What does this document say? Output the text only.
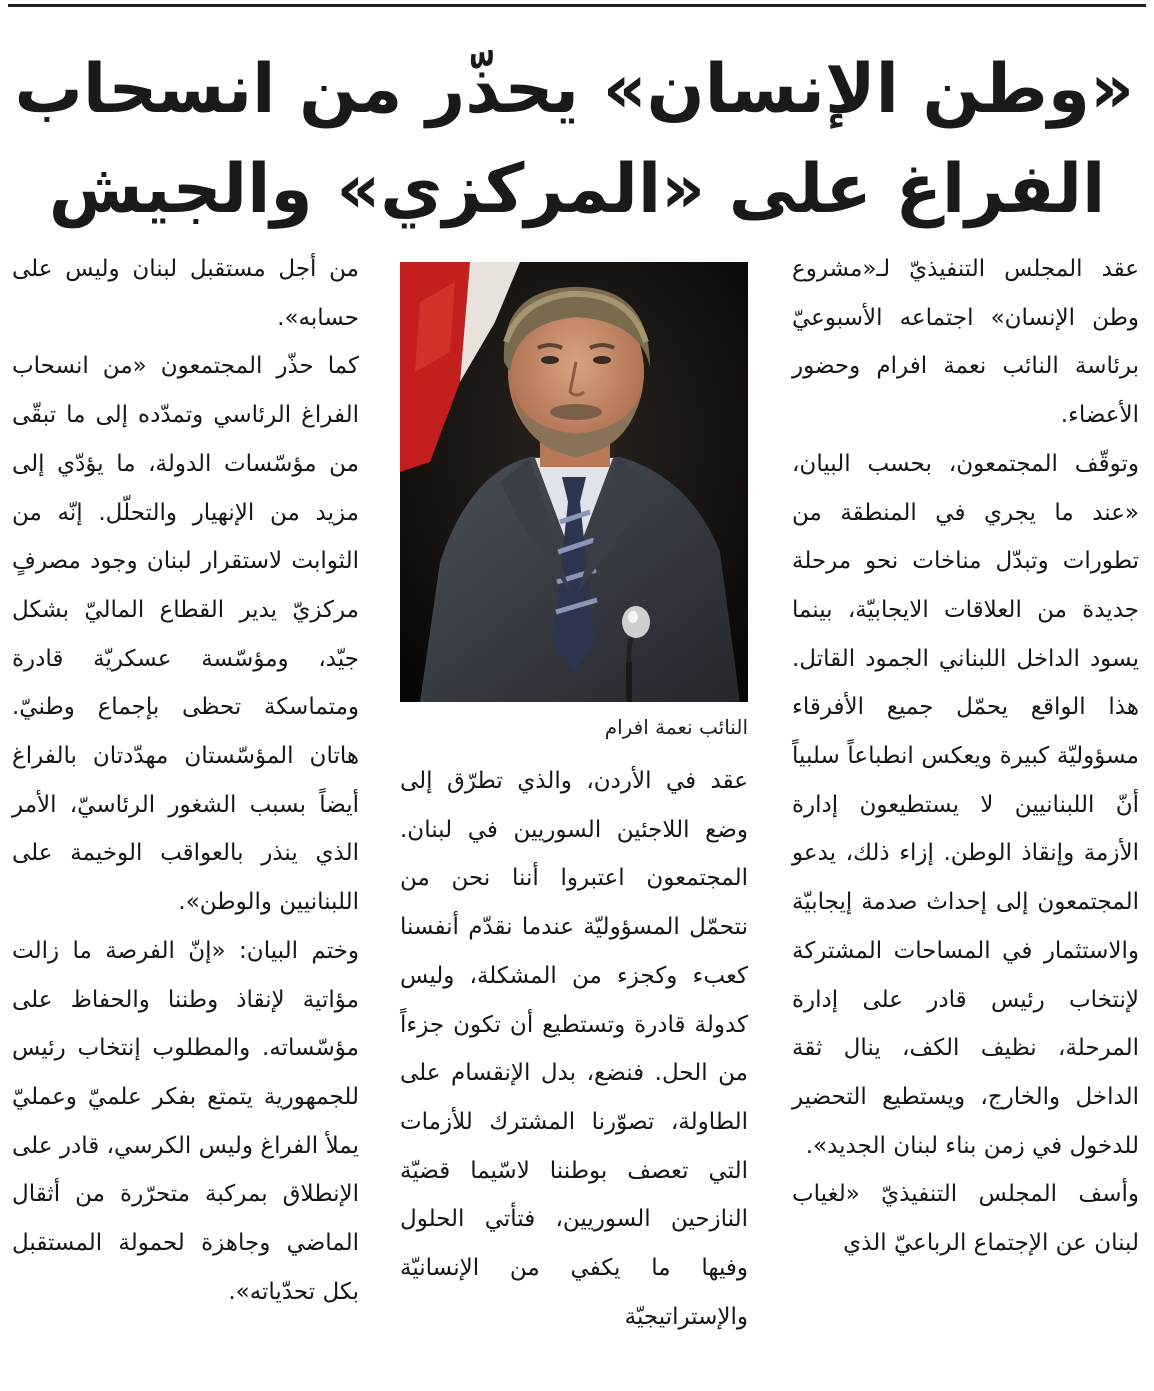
«وطن الإنسان» يحذّر من انسحاب
الفراغ على «المركزي» والجيش

عقد المجلس التنفيذيّ لـ«مشروع وطن الإنسان» اجتماعه الأسبوعيّ برئاسة النائب نعمة افرام وحضور الأعضاء.

وتوقّف المجتمعون، بحسب البيان، «عند ما يجري في المنطقة من تطورات وتبدّل مناخات نحو مرحلة جديدة من العلاقات الايجابيّة، بينما يسود الداخل اللبناني الجمود القاتل. هذا الواقع يحمّل جميع الأفرقاء مسؤوليّة كبيرة ويعكس انطباعاً سلبياً أنّ اللبنانيين لا يستطيعون إدارة الأزمة وإنقاذ الوطن. إزاء ذلك، يدعو المجتمعون إلى إحداث صدمة إيجابيّة والاستثمار في المساحات المشتركة لإنتخاب رئيس قادر على إدارة المرحلة، نظيف الكف، ينال ثقة الداخل والخارج، ويستطيع التحضير للدخول في زمن بناء لبنان الجديد».

وأسف المجلس التنفيذيّ «لغياب لبنان عن الإجتماع الرباعيّ الذي

النائب نعمة افرام

عقد في الأردن، والذي تطرّق إلى وضع اللاجئين السوريين في لبنان. المجتمعون اعتبروا أننا نحن من نتحمّل المسؤوليّة عندما نقدّم أنفسنا كعبء وكجزء من المشكلة، وليس كدولة قادرة وتستطيع أن تكون جزءاً من الحل. فنضع، بدل الإنقسام على الطاولة، تصوّرنا المشترك للأزمات التي تعصف بوطننا لاسّيما قضيّة النازحين السوريين، فتأتي الحلول وفيها ما يكفي من الإنسانيّة والإستراتيجيّة

من أجل مستقبل لبنان وليس على حسابه».

كما حذّر المجتمعون «من انسحاب الفراغ الرئاسي وتمدّده إلى ما تبقّى من مؤسّسات الدولة، ما يؤدّي إلى مزيد من الإنهيار والتحلّل. إنّه من الثوابت لاستقرار لبنان وجود مصرفٍ مركزيّ يدير القطاع الماليّ بشكل جيّد، ومؤسّسة عسكريّة قادرة ومتماسكة تحظى بإجماع وطنيّ. هاتان المؤسّستان مهدّدتان بالفراغ أيضاً بسبب الشغور الرئاسيّ، الأمر الذي ينذر بالعواقب الوخيمة على اللبنانيين والوطن».

وختم البيان: «إنّ الفرصة ما زالت مؤاتية لإنقاذ وطننا والحفاظ على مؤسّساته. والمطلوب إنتخاب رئيس للجمهورية يتمتع بفكر علميّ وعمليّ يملأ الفراغ وليس الكرسي، قادر على الإنطلاق بمركبة متحرّرة من أثقال الماضي وجاهزة لحمولة المستقبل بكل تحدّياته».
